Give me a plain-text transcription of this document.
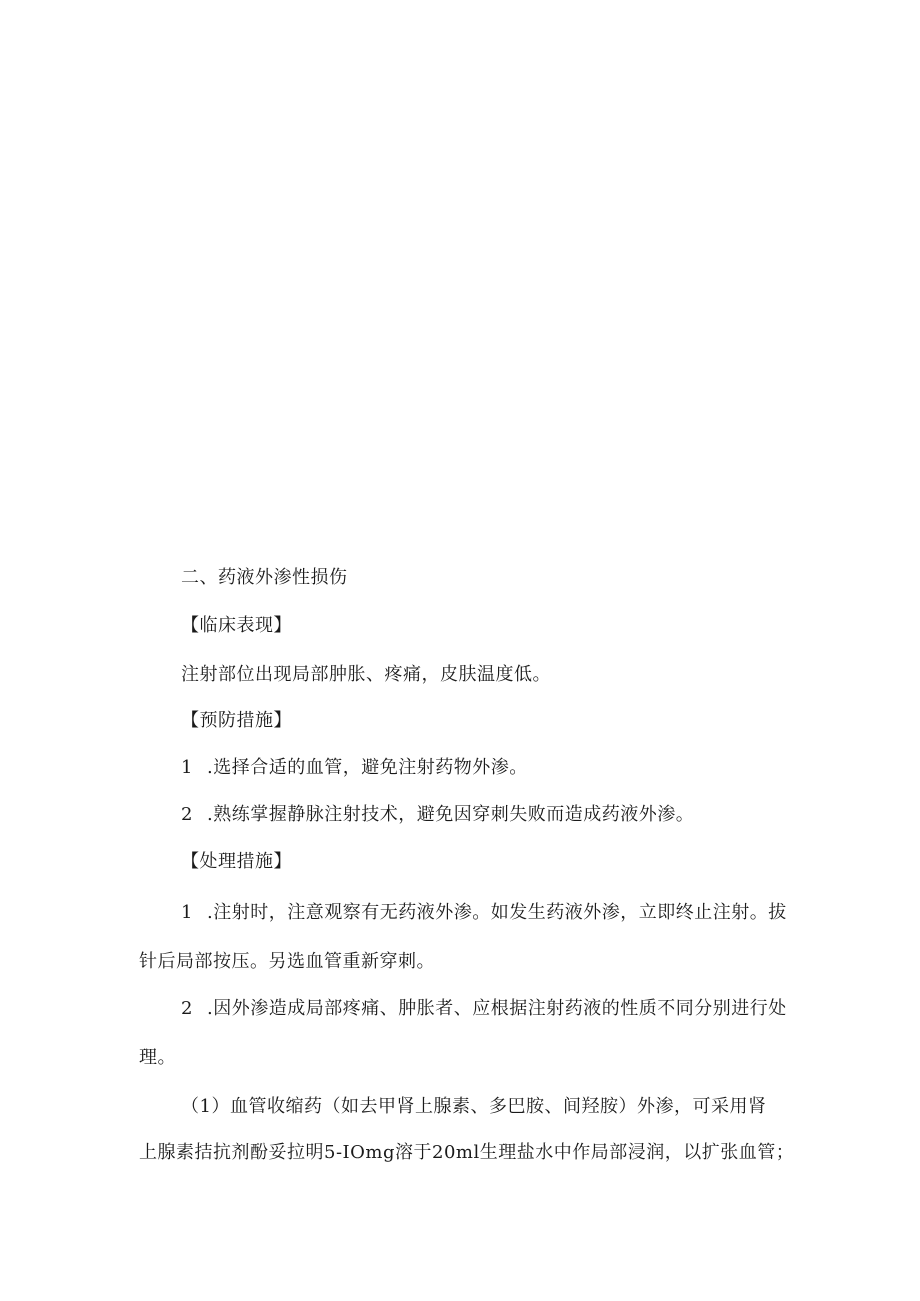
二、药液外渗性损伤
【临床表现】
注射部位出现局部肿胀、疼痛，皮肤温度低。
【预防措施】
1 .选择合适的血管，避免注射药物外渗。
2 .熟练掌握静脉注射技术，避免因穿刺失败而造成药液外渗。
【处理措施】
1 .注射时，注意观察有无药液外渗。如发生药液外渗，立即终止注射。拔
针后局部按压。另选血管重新穿刺。
2 .因外渗造成局部疼痛、肿胀者、应根据注射药液的性质不同分别进行处
理。
（1）血管收缩药（如去甲肾上腺素、多巴胺、间羟胺）外渗，可采用肾
上腺素拮抗剂酚妥拉明5-IOmg溶于20ml生理盐水中作局部浸润，以扩张血管；
